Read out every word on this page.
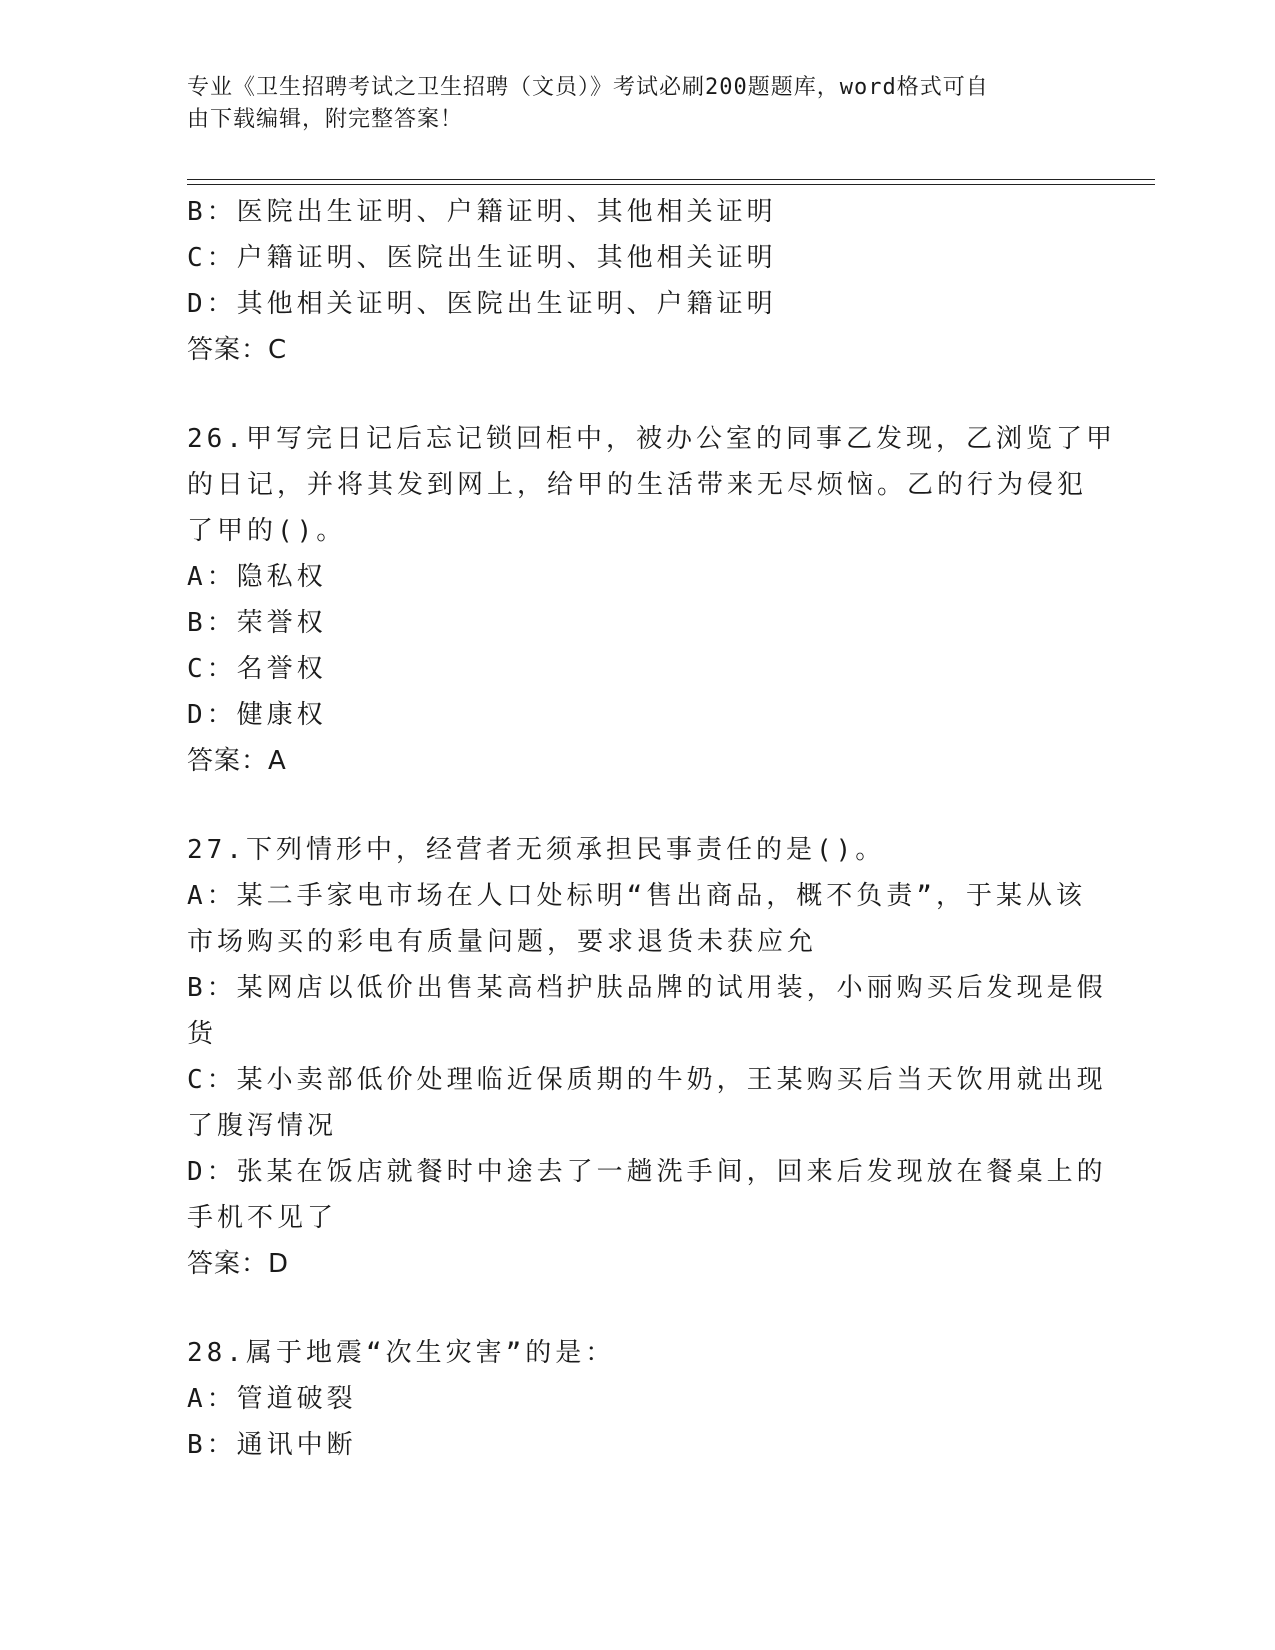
专业《卫生招聘考试之卫生招聘（文员）》考试必刷200题题库，word格式可自
由下载编辑，附完整答案！
B：医院出生证明、户籍证明、其他相关证明
C：户籍证明、医院出生证明、其他相关证明
D：其他相关证明、医院出生证明、户籍证明
答案：C
26.甲写完日记后忘记锁回柜中，被办公室的同事乙发现，乙浏览了甲
的日记，并将其发到网上，给甲的生活带来无尽烦恼。乙的行为侵犯
了甲的()。
A：隐私权
B：荣誉权
C：名誉权
D：健康权
答案：A
27.下列情形中，经营者无须承担民事责任的是()。
A：某二手家电市场在人口处标明“售出商品，概不负责”，于某从该
市场购买的彩电有质量问题，要求退货未获应允
B：某网店以低价出售某高档护肤品牌的试用装，小丽购买后发现是假
货
C：某小卖部低价处理临近保质期的牛奶，王某购买后当天饮用就出现
了腹泻情况
D：张某在饭店就餐时中途去了一趟洗手间，回来后发现放在餐桌上的
手机不见了
答案：D
28.属于地震“次生灾害”的是：
A：管道破裂
B：通讯中断
